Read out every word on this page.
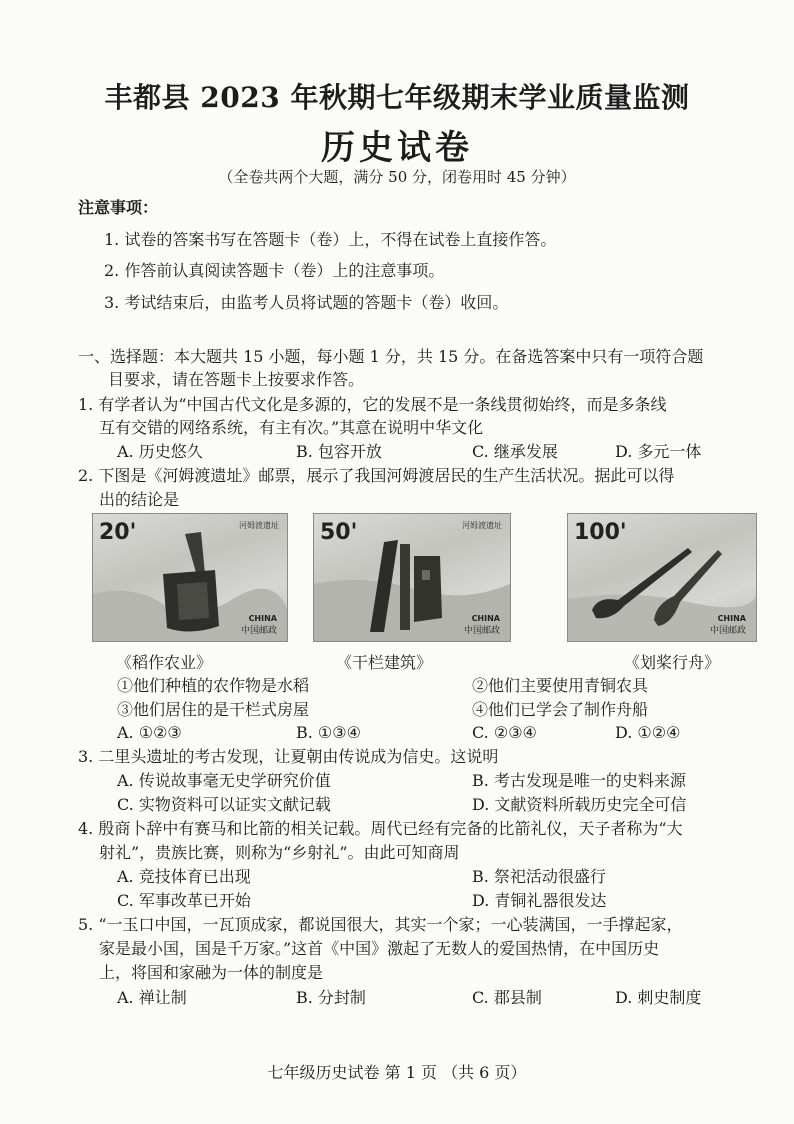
丰都县 2023 年秋期七年级期末学业质量监测
历史试卷
（全卷共两个大题，满分 50 分，闭卷用时 45 分钟）
注意事项：
1. 试卷的答案书写在答题卡（卷）上，不得在试卷上直接作答。
2. 作答前认真阅读答题卡（卷）上的注意事项。
3. 考试结束后，由监考人员将试题的答题卡（卷）收回。
一、选择题：本大题共 15 小题，每小题 1 分，共 15 分。在备选答案中只有一项符合题
目要求，请在答题卡上按要求作答。
1. 有学者认为“中国古代文化是多源的，它的发展不是一条线贯彻始终，而是多条线
互有交错的网络系统，有主有次。”其意在说明中华文化
A. 历史悠久	B. 包容开放	C. 继承发展	D. 多元一体
2. 下图是《河姆渡遗址》邮票，展示了我国河姆渡居民的生产生活状况。据此可以得
出的结论是
20'	河姆渡遗址
CHINA
中国邮政
50'	河姆渡遗址
CHINA
中国邮政
100'
CHINA
中国邮政
《稻作农业》	《干栏建筑》	《划桨行舟》
①他们种植的农作物是水稻	②他们主要使用青铜农具
③他们居住的是干栏式房屋	④他们已学会了制作舟船
A. ①②③	B. ①③④	C. ②③④	D. ①②④
3. 二里头遗址的考古发现，让夏朝由传说成为信史。这说明
A. 传说故事毫无史学研究价值	B. 考古发现是唯一的史料来源
C. 实物资料可以证实文献记载	D. 文献资料所载历史完全可信
4. 殷商卜辞中有赛马和比箭的相关记载。周代已经有完备的比箭礼仪，天子者称为“大
射礼”，贵族比赛，则称为“乡射礼”。由此可知商周
A. 竞技体育已出现	B. 祭祀活动很盛行
C. 军事改革已开始	D. 青铜礼器很发达
5. “一玉口中国，一瓦顶成家，都说国很大，其实一个家；一心装满国，一手撑起家，
家是最小国，国是千万家。”这首《中国》激起了无数人的爱国热情，在中国历史
上，将国和家融为一体的制度是
A. 禅让制	B. 分封制	C. 郡县制	D. 刺史制度
七年级历史试卷 第 1 页 （共 6 页）
